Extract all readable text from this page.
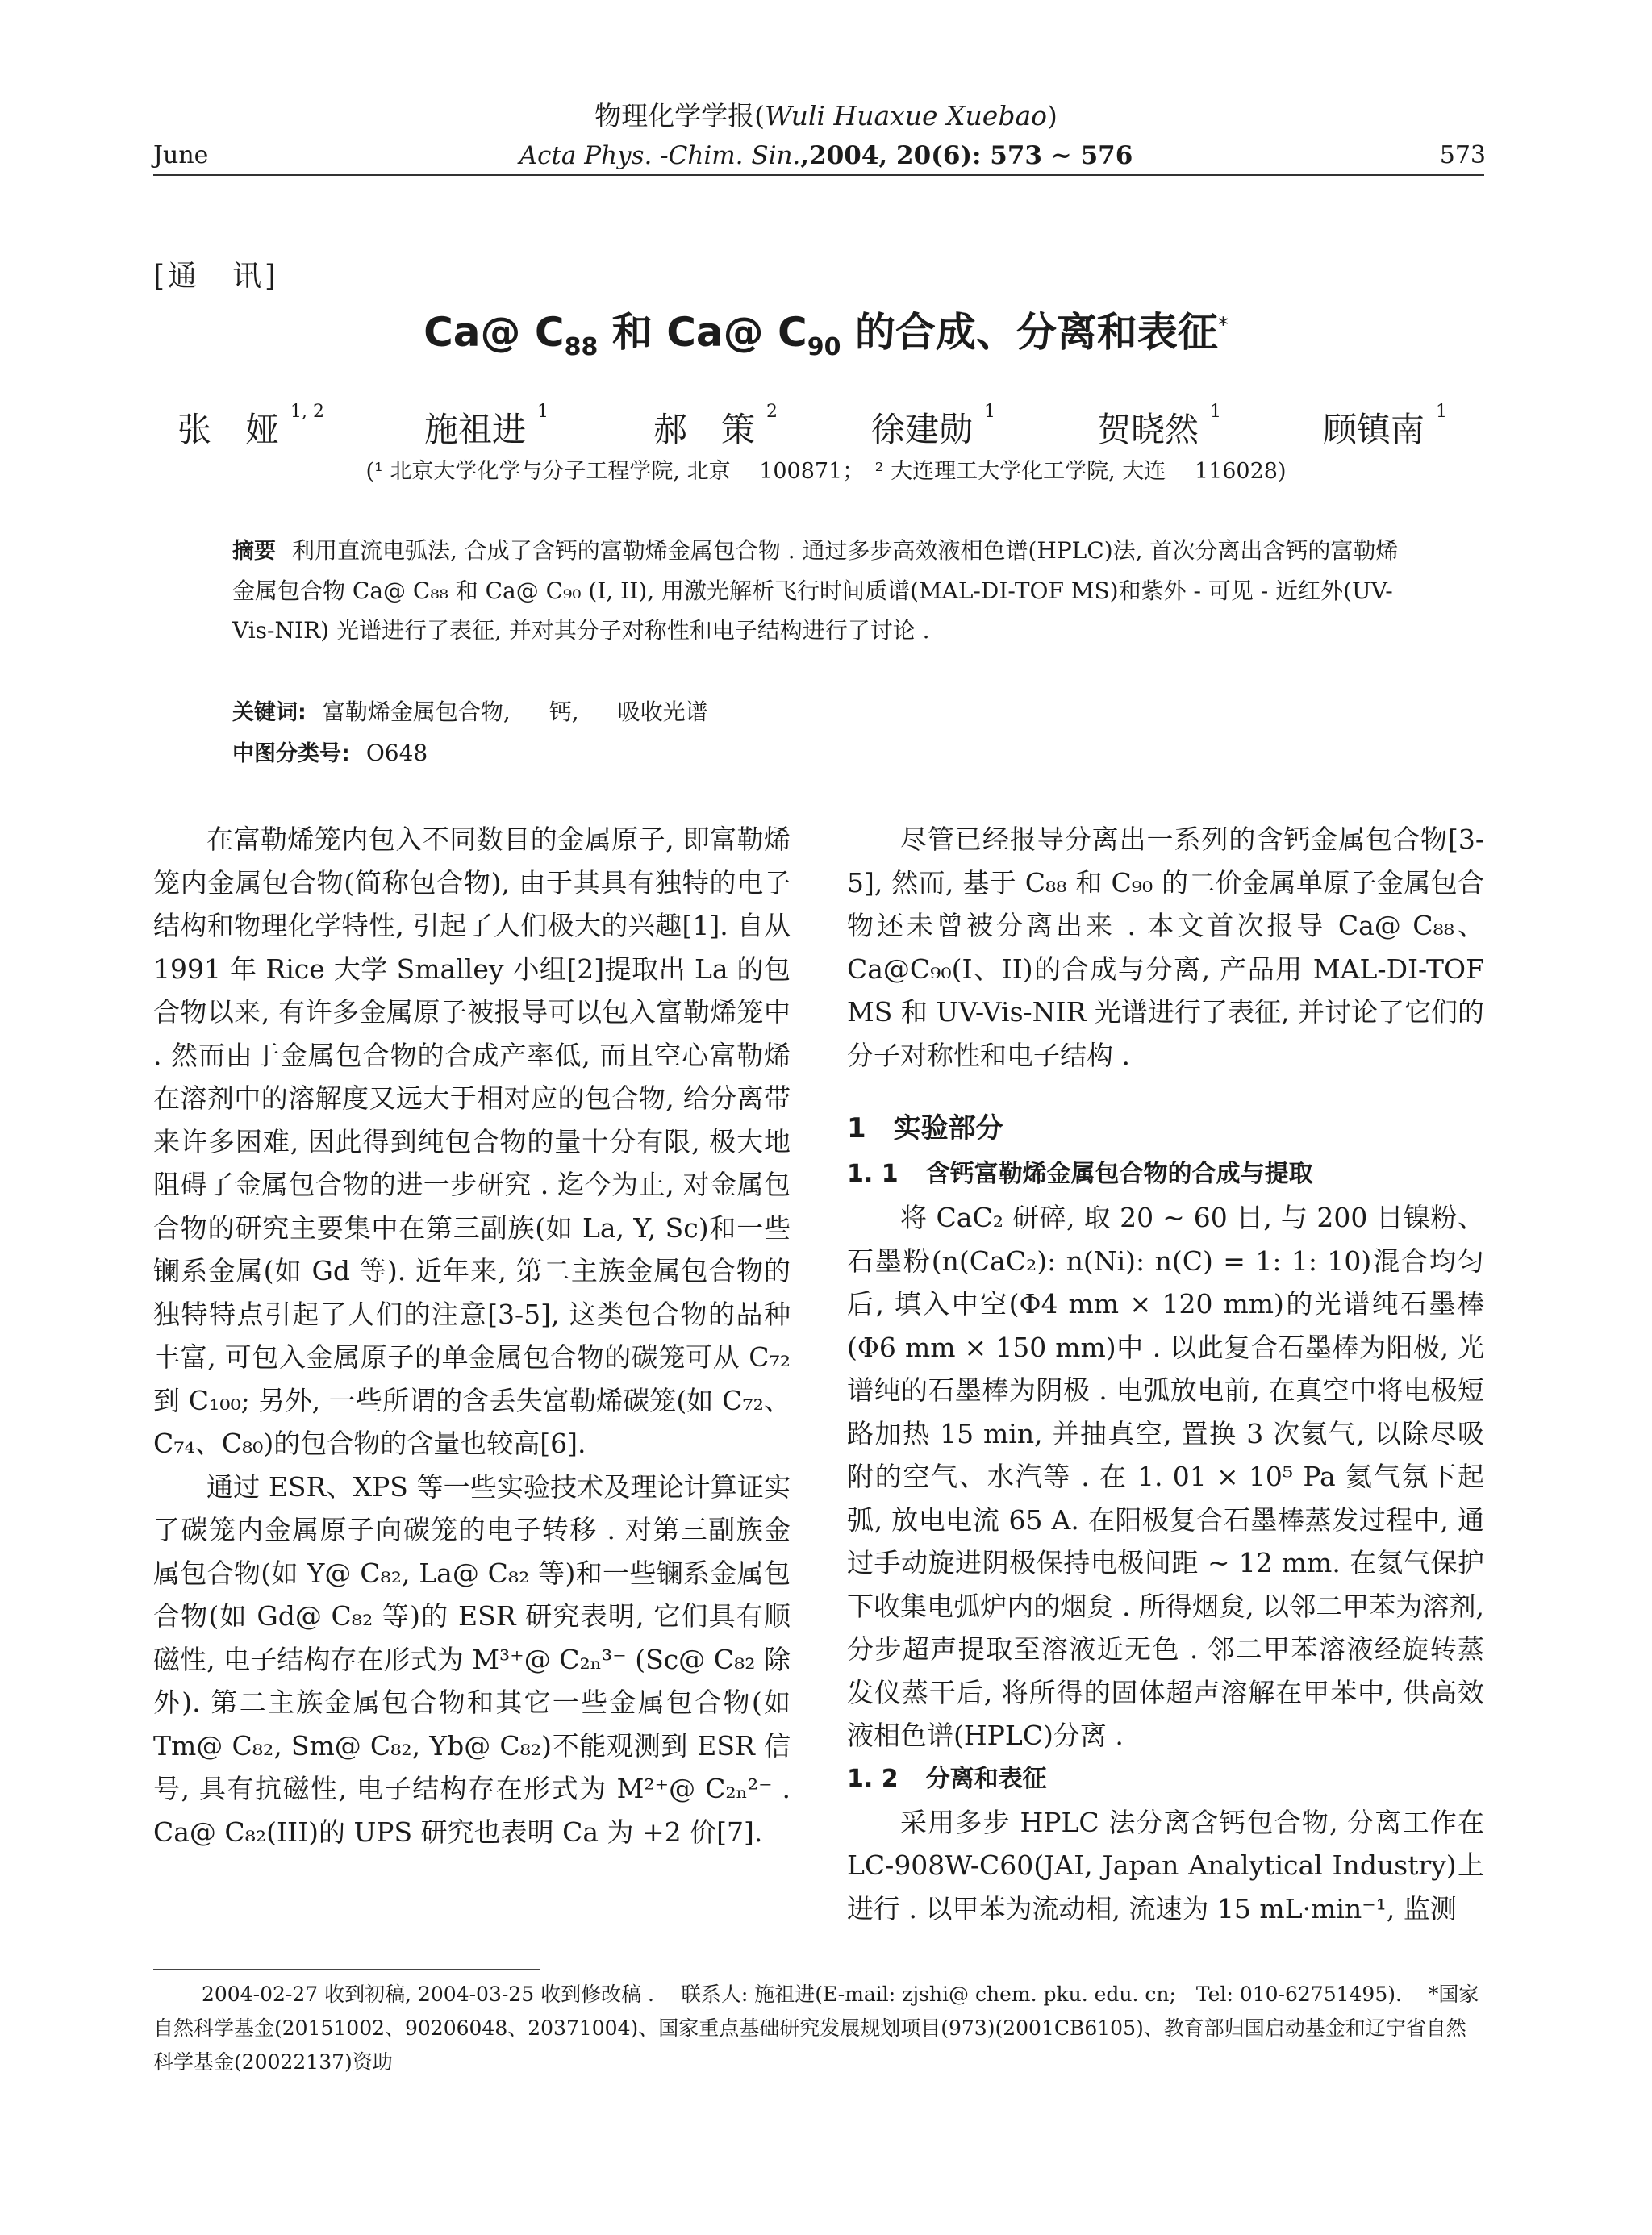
物理化学学报(Wuli Huaxue Xuebao)
June	Acta Phys. -Chim. Sin.,2004, 20(6): 573 ~ 576	573
[通　讯]
Ca@ $C_{88}$ 和 Ca@ $C_{90}$ 的合成、分离和表征*
张　娅 $^{1, 2}$	施祖进 $^1$	郝　策 $^2$	徐建勋 $^1$	贺晓然 $^1$	顾镇南 $^1$
(¹ 北京大学化学与分子工程学院, 北京　 100871；　² 大连理工大学化工学院, 大连　 116028)
摘要 利用直流电弧法, 合成了含钙的富勒烯金属包合物 . 通过多步高效液相色谱(HPLC)法, 首次分离出含钙的富勒烯金属包合物 Ca@ C₈₈ 和 Ca@ C₉₀ (I, II), 用激光解析飞行时间质谱(MAL-DI-TOF MS)和紫外 - 可见 - 近红外(UV-Vis-NIR) 光谱进行了表征, 并对其分子对称性和电子结构进行了讨论 .
关键词: 富勒烯金属包合物, 钙, 吸收光谱
中图分类号: O648

在富勒烯笼内包入不同数目的金属原子, 即富勒烯笼内金属包合物(简称包合物), 由于其具有独特的电子结构和物理化学特性, 引起了人们极大的兴趣[1]. 自从 1991 年 Rice 大学 Smalley 小组[2]提取出 La 的包合物以来, 有许多金属原子被报导可以包入富勒烯笼中 . 然而由于金属包合物的合成产率低, 而且空心富勒烯在溶剂中的溶解度又远大于相对应的包合物, 给分离带来许多困难, 因此得到纯包合物的量十分有限, 极大地阻碍了金属包合物的进一步研究 . 迄今为止, 对金属包合物的研究主要集中在第三副族(如 La, Y, Sc)和一些镧系金属(如 Gd 等). 近年来, 第二主族金属包合物的独特特点引起了人们的注意[3-5], 这类包合物的品种丰富, 可包入金属原子的单金属包合物的碳笼可从 C₇₂ 到 C₁₀₀; 另外, 一些所谓的含丢失富勒烯碳笼(如 C₇₂、C₇₄、C₈₀)的包合物的含量也较高[6].

通过 ESR、XPS 等一些实验技术及理论计算证实了碳笼内金属原子向碳笼的电子转移 . 对第三副族金属包合物(如 Y@ C₈₂, La@ C₈₂ 等)和一些镧系金属包合物(如 Gd@ C₈₂ 等)的 ESR 研究表明, 它们具有顺磁性, 电子结构存在形式为 M³⁺@ C₂ₙ³⁻ (Sc@ C₈₂ 除外). 第二主族金属包合物和其它一些金属包合物(如 Tm@ C₈₂, Sm@ C₈₂, Yb@ C₈₂)不能观测到 ESR 信号, 具有抗磁性, 电子结构存在形式为 M²⁺@ C₂ₙ²⁻ . Ca@ C₈₂(III)的 UPS 研究也表明 Ca 为 +2 价[7].

尽管已经报导分离出一系列的含钙金属包合物[3-5], 然而, 基于 C₈₈ 和 C₉₀ 的二价金属单原子金属包合物还未曾被分离出来 . 本文首次报导 Ca@ C₈₈、Ca@C₉₀(I、II)的合成与分离, 产品用 MAL-DI-TOF MS 和 UV-Vis-NIR 光谱进行了表征, 并讨论了它们的分子对称性和电子结构 .

1 实验部分
1. 1 含钙富勒烯金属包合物的合成与提取

将 CaC₂ 研碎, 取 20 ~ 60 目, 与 200 目镍粉、石墨粉(n(CaC₂): n(Ni): n(C) = 1: 1: 10)混合均匀后, 填入中空(Φ4 mm × 120 mm)的光谱纯石墨棒(Φ6 mm × 150 mm)中 . 以此复合石墨棒为阳极, 光谱纯的石墨棒为阴极 . 电弧放电前, 在真空中将电极短路加热 15 min, 并抽真空, 置换 3 次氦气, 以除尽吸附的空气、水汽等 . 在 1. 01 × 10⁵ Pa 氦气氛下起弧, 放电电流 65 A. 在阳极复合石墨棒蒸发过程中, 通过手动旋进阴极保持电极间距 ~ 12 mm. 在氦气保护下收集电弧炉内的烟炱 . 所得烟炱, 以邻二甲苯为溶剂, 分步超声提取至溶液近无色 . 邻二甲苯溶液经旋转蒸发仪蒸干后, 将所得的固体超声溶解在甲苯中, 供高效液相色谱(HPLC)分离 .

1. 2 分离和表征

采用多步 HPLC 法分离含钙包合物, 分离工作在 LC-908W-C60(JAI, Japan Analytical Industry)上进行 . 以甲苯为流动相, 流速为 15 mL·min⁻¹, 监测

2004-02-27 收到初稿, 2004-03-25 收到修改稿 .　 联系人: 施祖进(E-mail: zjshi@ chem. pku. edu. cn;　Tel: 010-62751495).　 *国家自然科学基金(20151002、90206048、20371004)、国家重点基础研究发展规划项目(973)(2001CB6105)、教育部归国启动基金和辽宁省自然科学基金(20022137)资助
